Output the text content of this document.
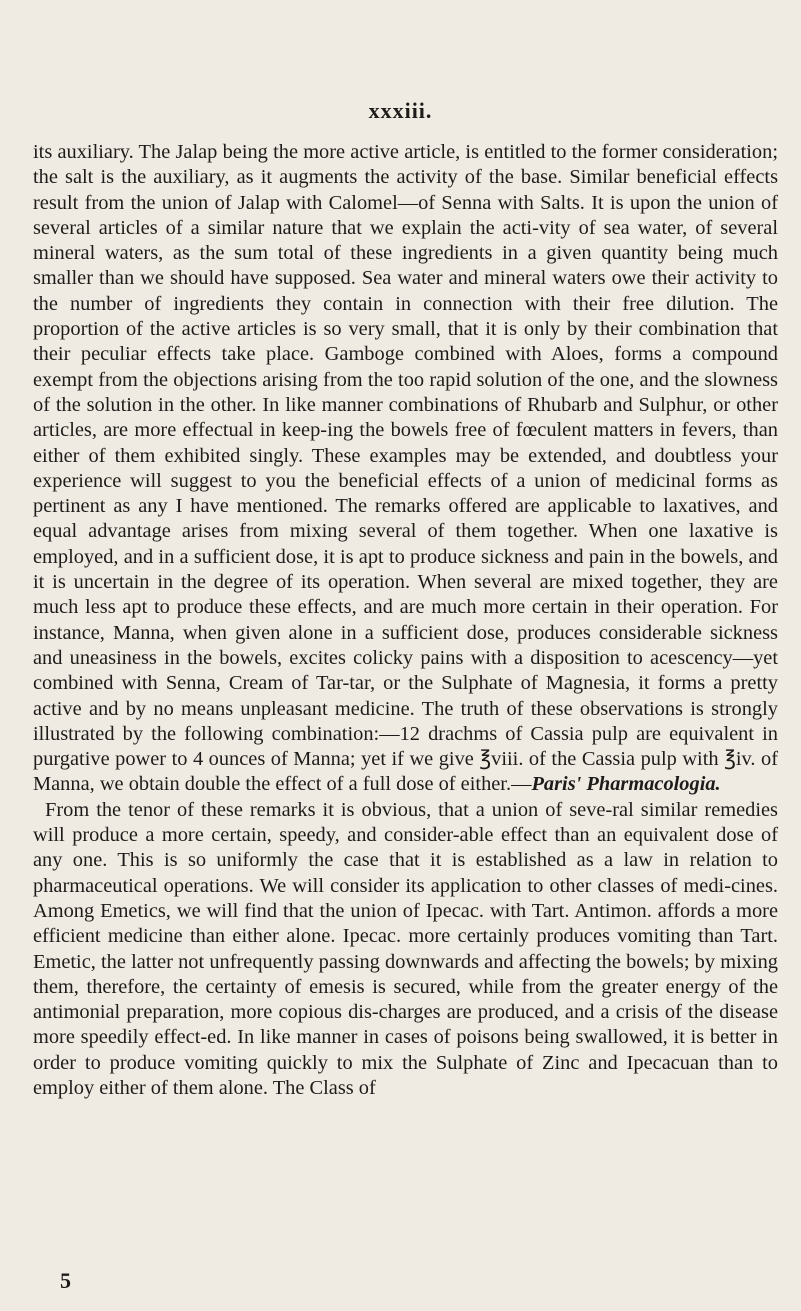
xxxiii.

its auxiliary. The Jalap being the more active article, is entitled to the former consideration; the salt is the auxiliary, as it augments the activity of the base. Similar beneficial effects result from the union of Jalap with Calomel—of Senna with Salts. It is upon the union of several articles of a similar nature that we explain the acti-vity of sea water, of several mineral waters, as the sum total of these ingredients in a given quantity being much smaller than we should have supposed. Sea water and mineral waters owe their activity to the number of ingredients they contain in connection with their free dilution. The proportion of the active articles is so very small, that it is only by their combination that their peculiar effects take place. Gamboge combined with Aloes, forms a compound exempt from the objections arising from the too rapid solution of the one, and the slowness of the solution in the other. In like manner combinations of Rhubarb and Sulphur, or other articles, are more effectual in keep-ing the bowels free of fœculent matters in fevers, than either of them exhibited singly. These examples may be extended, and doubtless your experience will suggest to you the beneficial effects of a union of medicinal forms as pertinent as any I have mentioned. The remarks offered are applicable to laxatives, and equal advantage arises from mixing several of them together. When one laxative is employed, and in a sufficient dose, it is apt to produce sickness and pain in the bowels, and it is uncertain in the degree of its operation. When several are mixed together, they are much less apt to produce these effects, and are much more certain in their operation. For instance, Manna, when given alone in a sufficient dose, produces considerable sickness and uneasiness in the bowels, excites colicky pains with a disposition to acescency—yet combined with Senna, Cream of Tar-tar, or the Sulphate of Magnesia, it forms a pretty active and by no means unpleasant medicine. The truth of these observations is strongly illustrated by the following combination:—12 drachms of Cassia pulp are equivalent in purgative power to 4 ounces of Manna; yet if we give ℥viii. of the Cassia pulp with ℥iv. of Manna, we obtain double the effect of a full dose of either.—Paris' Pharmacologia.

From the tenor of these remarks it is obvious, that a union of seve-ral similar remedies will produce a more certain, speedy, and consider-able effect than an equivalent dose of any one. This is so uniformly the case that it is established as a law in relation to pharmaceutical operations. We will consider its application to other classes of medi-cines. Among Emetics, we will find that the union of Ipecac. with Tart. Antimon. affords a more efficient medicine than either alone. Ipecac. more certainly produces vomiting than Tart. Emetic, the latter not unfrequently passing downwards and affecting the bowels; by mixing them, therefore, the certainty of emesis is secured, while from the greater energy of the antimonial preparation, more copious dis-charges are produced, and a crisis of the disease more speedily effect-ed. In like manner in cases of poisons being swallowed, it is better in order to produce vomiting quickly to mix the Sulphate of Zinc and Ipecacuan than to employ either of them alone. The Class of

5
